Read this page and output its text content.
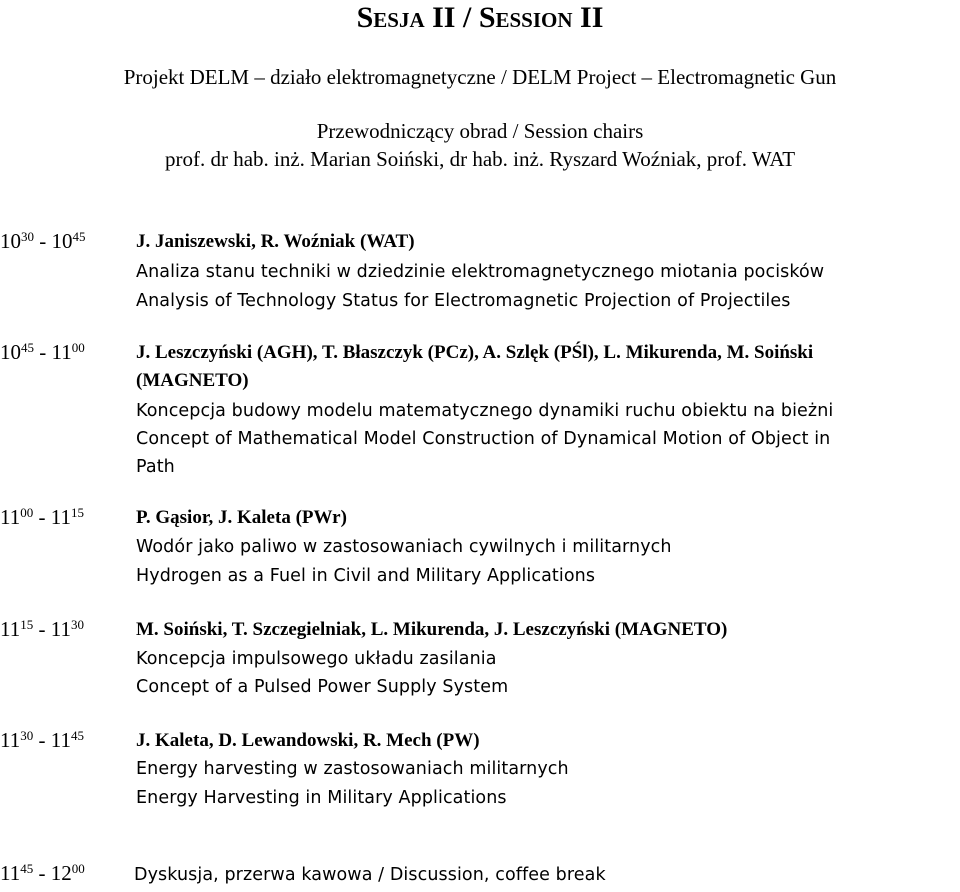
Sesja II / Session II
Projekt DELM – działo elektromagnetyczne / DELM Project – Electromagnetic Gun
Przewodniczący obrad / Session chairs
prof. dr hab. inż. Marian Soiński, dr hab. inż. Ryszard Woźniak, prof. WAT
$10^{30} - 10^{45}$	J. Janiszewski, R. Woźniak (WAT)
Analiza stanu techniki w dziedzinie elektromagnetycznego miotania pocisków
Analysis of Technology Status for Electromagnetic Projection of Projectiles
$10^{45} - 11^{00}$	J. Leszczyński (AGH), T. Błaszczyk (PCz), A. Szlęk (PŚl), L. Mikurenda, M. Soiński
(MAGNETO)
Koncepcja budowy modelu matematycznego dynamiki ruchu obiektu na bieżni
Concept of Mathematical Model Construction of Dynamical Motion of Object in
Path
$11^{00} - 11^{15}$	P. Gąsior, J. Kaleta (PWr)
Wodór jako paliwo w zastosowaniach cywilnych i militarnych
Hydrogen as a Fuel in Civil and Military Applications
$11^{15} - 11^{30}$	M. Soiński, T. Szczegielniak, L. Mikurenda, J. Leszczyński (MAGNETO)
Koncepcja impulsowego układu zasilania
Concept of a Pulsed Power Supply System
$11^{30} - 11^{45}$	J. Kaleta, D. Lewandowski, R. Mech (PW)
Energy harvesting w zastosowaniach militarnych
Energy Harvesting in Military Applications
$11^{45} - 12^{00}$	Dyskusja, przerwa kawowa / Discussion, coffee break
